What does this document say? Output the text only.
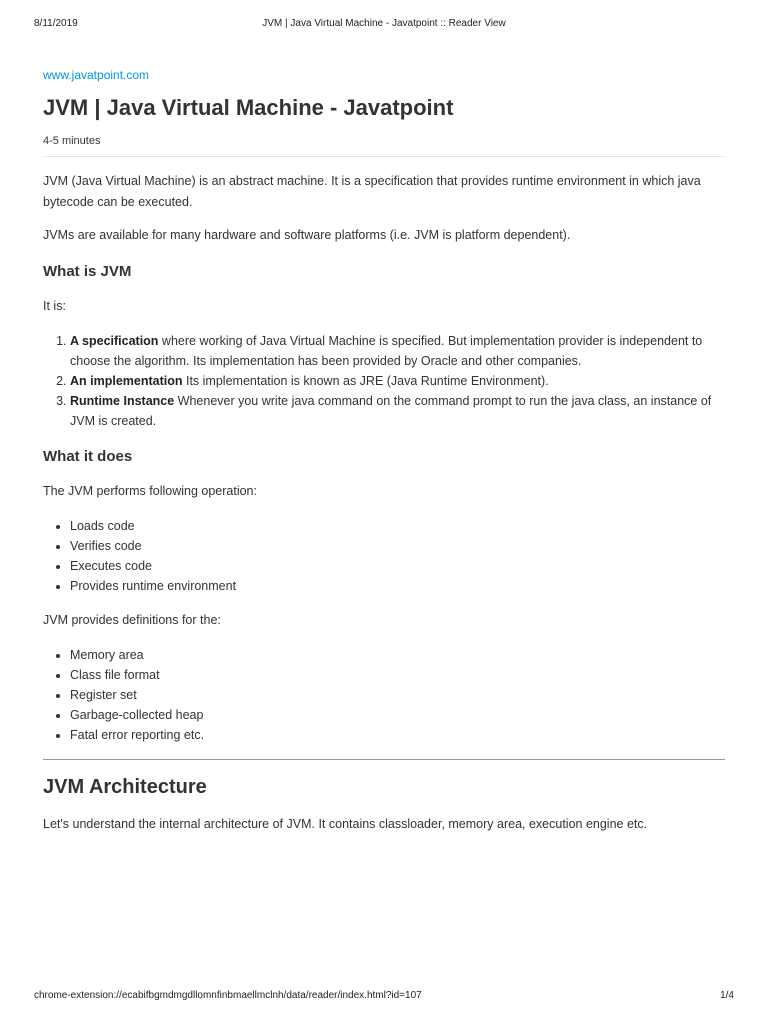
8/11/2019	JVM | Java Virtual Machine - Javatpoint :: Reader View
www.javatpoint.com
JVM | Java Virtual Machine - Javatpoint
4-5 minutes

JVM (Java Virtual Machine) is an abstract machine. It is a specification that provides runtime environment in which java bytecode can be executed.

JVMs are available for many hardware and software platforms (i.e. JVM is platform dependent).

What is JVM

It is:

1. A specification where working of Java Virtual Machine is specified. But implementation provider is independent to choose the algorithm. Its implementation has been provided by Oracle and other companies.
2. An implementation Its implementation is known as JRE (Java Runtime Environment).
3. Runtime Instance Whenever you write java command on the command prompt to run the java class, an instance of JVM is created.
What it does

The JVM performs following operation:

• Loads code
• Verifies code
• Executes code
• Provides runtime environment

JVM provides definitions for the:

• Memory area
• Class file format
• Register set
• Garbage-collected heap
• Fatal error reporting etc.
JVM Architecture

Let's understand the internal architecture of JVM. It contains classloader, memory area, execution engine etc.

chrome-extension://ecabifbgmdmgdllomnfinbmaellmclnh/data/reader/index.html?id=107	1/4
